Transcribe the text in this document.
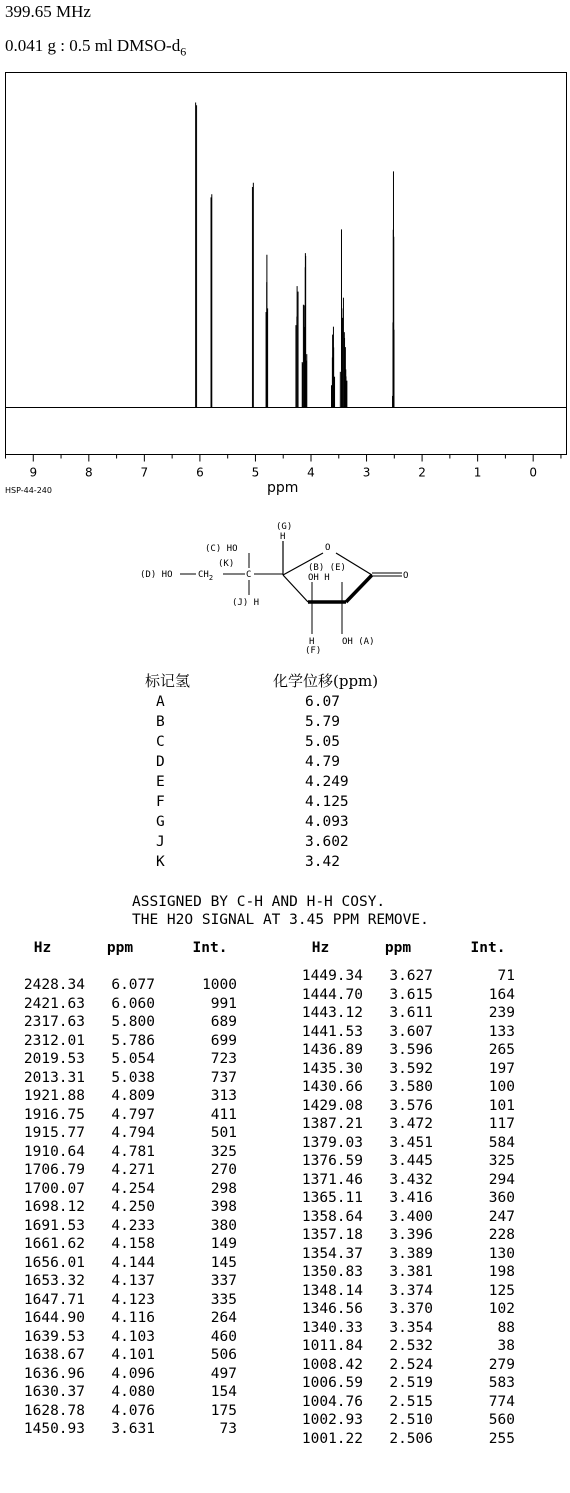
399.65 MHz
0.041 g : 0.5 ml DMSO-$d_6$
9	8	7	6	5	4	3	2	1	0
HSP-44-240	ppm
(G)
H
(C) HO	O
(K)
(D) HO	$CH_2$	C	O
(B) (E)
OH H
(J) H
H	OH (A)
(F)
标记氢	化学位移(ppm)
A	6.07
B	5.79
C	5.05
D	4.79
E	4.249
F	4.125
G	4.093
J	3.602
K	3.42
ASSIGNED BY C-H AND H-H COSY.
THE H2O SIGNAL AT 3.45 PPM REMOVE.
Hz	ppm	Int.
2428.34 6.077	1000
2421.63 6.060	991
2317.63 5.800	689
2312.01 5.786	699
2019.53 5.054	723
2013.31 5.038	737
1921.88 4.809	313
1916.75 4.797	411
1915.77 4.794	501
1910.64 4.781	325
1706.79 4.271	270
1700.07 4.254	298
1698.12 4.250	398
1691.53 4.233	380
1661.62 4.158	149
1656.01 4.144	145
1653.32 4.137	337
1647.71 4.123	335
1644.90 4.116	264
1639.53 4.103	460
1638.67 4.101	506
1636.96 4.096	497
1630.37 4.080	154
1628.78 4.076	175
1450.93 3.631	73
Hz	ppm	Int.
1449.34 3.627	71
1444.70 3.615	164
1443.12 3.611	239
1441.53 3.607	133
1436.89 3.596	265
1435.30 3.592	197
1430.66 3.580	100
1429.08 3.576	101
1387.21 3.472	117
1379.03 3.451	584
1376.59 3.445	325
1371.46 3.432	294
1365.11 3.416	360
1358.64 3.400	247
1357.18 3.396	228
1354.37 3.389	130
1350.83 3.381	198
1348.14 3.374	125
1346.56 3.370	102
1340.33 3.354	88
1011.84 2.532	38
1008.42 2.524	279
1006.59 2.519	583
1004.76 2.515	774
1002.93 2.510	560
1001.22 2.506	255
